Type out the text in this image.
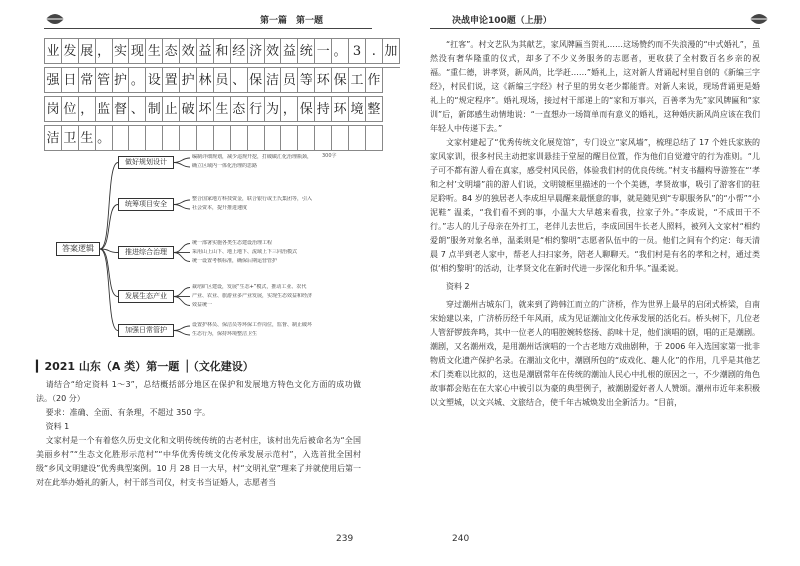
第一篇　第一题
业	发	展	，	实	现	生	态	效	益	和	经	济	效	益	统	一	。	3	.	加

强	日	常	管	护	。	设	置	护	林	员	、	保	洁	员	等	环	保	工	作	

岗	位	，	监	督	、	制	止	破	坏	生	态	行	为	，	保	持	环	境	整	

洁	卫	生	。																	
300字
答案逻辑
做好规划设计
编制详细规划，减少违规开挖，打破碳汇化治理瓶颈，
确立区域内一体化治理的思路
统筹项目安全
整合国家地方科技资金，联合银行或王氏集团等，引入
社会资本，提升推进速度
推进综合治理
统一部署实施各类生态建设治理工程
采用山上山下、地上地下、流域上下三同治模式
统一设置考核标准，确保后期运营管护
发展生态产业
裁培矿区建设，发展“生态+”模式，推动工业、农代
产业、农业、旅游业多产业发展，实现生态效益和经济
效益统一
加强日常管护
设置护林员、保洁员等环保工作岗位，监督、制止破坏
生态行为，保持环境整洁卫生
▎2021 山东（A 类）第一题▕（文化建设）

请结合“给定资料 1～3”，总结概括部分地区在保护和发展地方特色文化方面的成功做法。（20 分）

要求：准确、全面、有条理，不超过 350 字。

资料 1

文家村是一个有着悠久历史文化和文明传统传统的古老村庄，该村出先后被命名为“全国美丽乡村”“生态文化胜形示范村”“中华优秀传统文化传承发展示范村”，入选首批全国村级“乡风文明建设”优秀典型案例。10 月 28 日一大早，村“文明礼堂”理来了并就使用后第一对在此举办婚礼的新人，村干部当司仪，村支书当证婚人，志愿者当

239
决战申论100题（上册）

“扛客”。村文艺队为其献艺，家风牌匾当贺礼……这场赞约而不失浪漫的“中式婚礼”，虽然没有奢华隆重的仪式，却多了不少义务服务的志愿者，更收获了全村数百名乡亲的祝福。“重仁德，讲孝贤，新风尚，比学赶……”婚礼上，这对新人背诵起村里自创的《新编三字经》，村民们说，这《新编三字经》村子里的男女老少都能背。对新人来说，现场背诵更是婚礼上的“规定程序”。婚礼现场，接过村干部递上的“家和万事兴，百善孝为先”家风牌匾和“家训”后，新郎感生动情地说：“一直想办一场简单而有意义的婚礼，这种婚庆新风尚应该在我们年轻人中传递下去。”

文家村建起了“优秀传统文化展览馆”，专门设立“家风墙”，梳理总结了 17 个姓氏家族的家风家训，很多村民主动把家训悬挂于堂屋的醒目位置，作为他们自觉遵守的行为准则。“儿子可不都有游人看在真家，感受村风民俗，体验我们村的优良传统。”村支书翻构导游签在“‘孝和之村’文明墙”前的游人们说，文明镜框里描述的一个个美德，孝贤故事，吸引了游客们的驻足聆听。84 岁的独居老人李成坦早晨醒来最惬意的事，就是随见到“专职服务队”的“小帮”“小泥鞋” 温柔，“我们看不到的事，小温大大早越来看我，拉家子外。”李成说，“不成田干不行。”志人的儿子母亲在外打工，老伴儿去世后，李成回国牛长老人照料，被列入文家村“相约爱朗”服务对象名单，温柔则是“相约黎明”志愿者队伍中的一员。他们之间有个约定：每天清晨 7 点半到老人家中，帮老人扫扫家务，陪老人聊聊天。“我们村是有名的孝和之村，通过类似‘相约黎明’的活动，让孝贤文化在新时代进一步深化和升华。”温柔说。

资料 2

穿过潮州古城东门，就来到了跨韩江而立的广济桥，作为世界上最早的启闭式桥梁，自南宋始建以来，广济桥历经千年风雨，成为见证潮汕文化传承发展的活化石。桥头树下，几位老人管舒锣鼓奔鸣，其中一位老人的唱腔婉转悠扬、韵味十足，他们演唱的剧，唱的正是潮剧。潮剧，又名潮州戏，是用潮州话演唱的一个古老地方戏曲剧种，于 2006 年入选国家第一批非物质文化遗产保护名录。在潮汕文化中，潮剧所包的“成戏化、趣人化”的作用，几乎是其他艺术门类难以比拟的，这也是潮剧常年在传统的潮汕人民心中扎根的原因之一，不少潮剧的角色故事都会贴在在大家心中被引以为豪的典型例子，被潮剧爱好者人人赞颂。潮州市近年来积极以文塑城，以文兴城、文旅结合，使千年古城焕发出全新活力。“目前，

240
